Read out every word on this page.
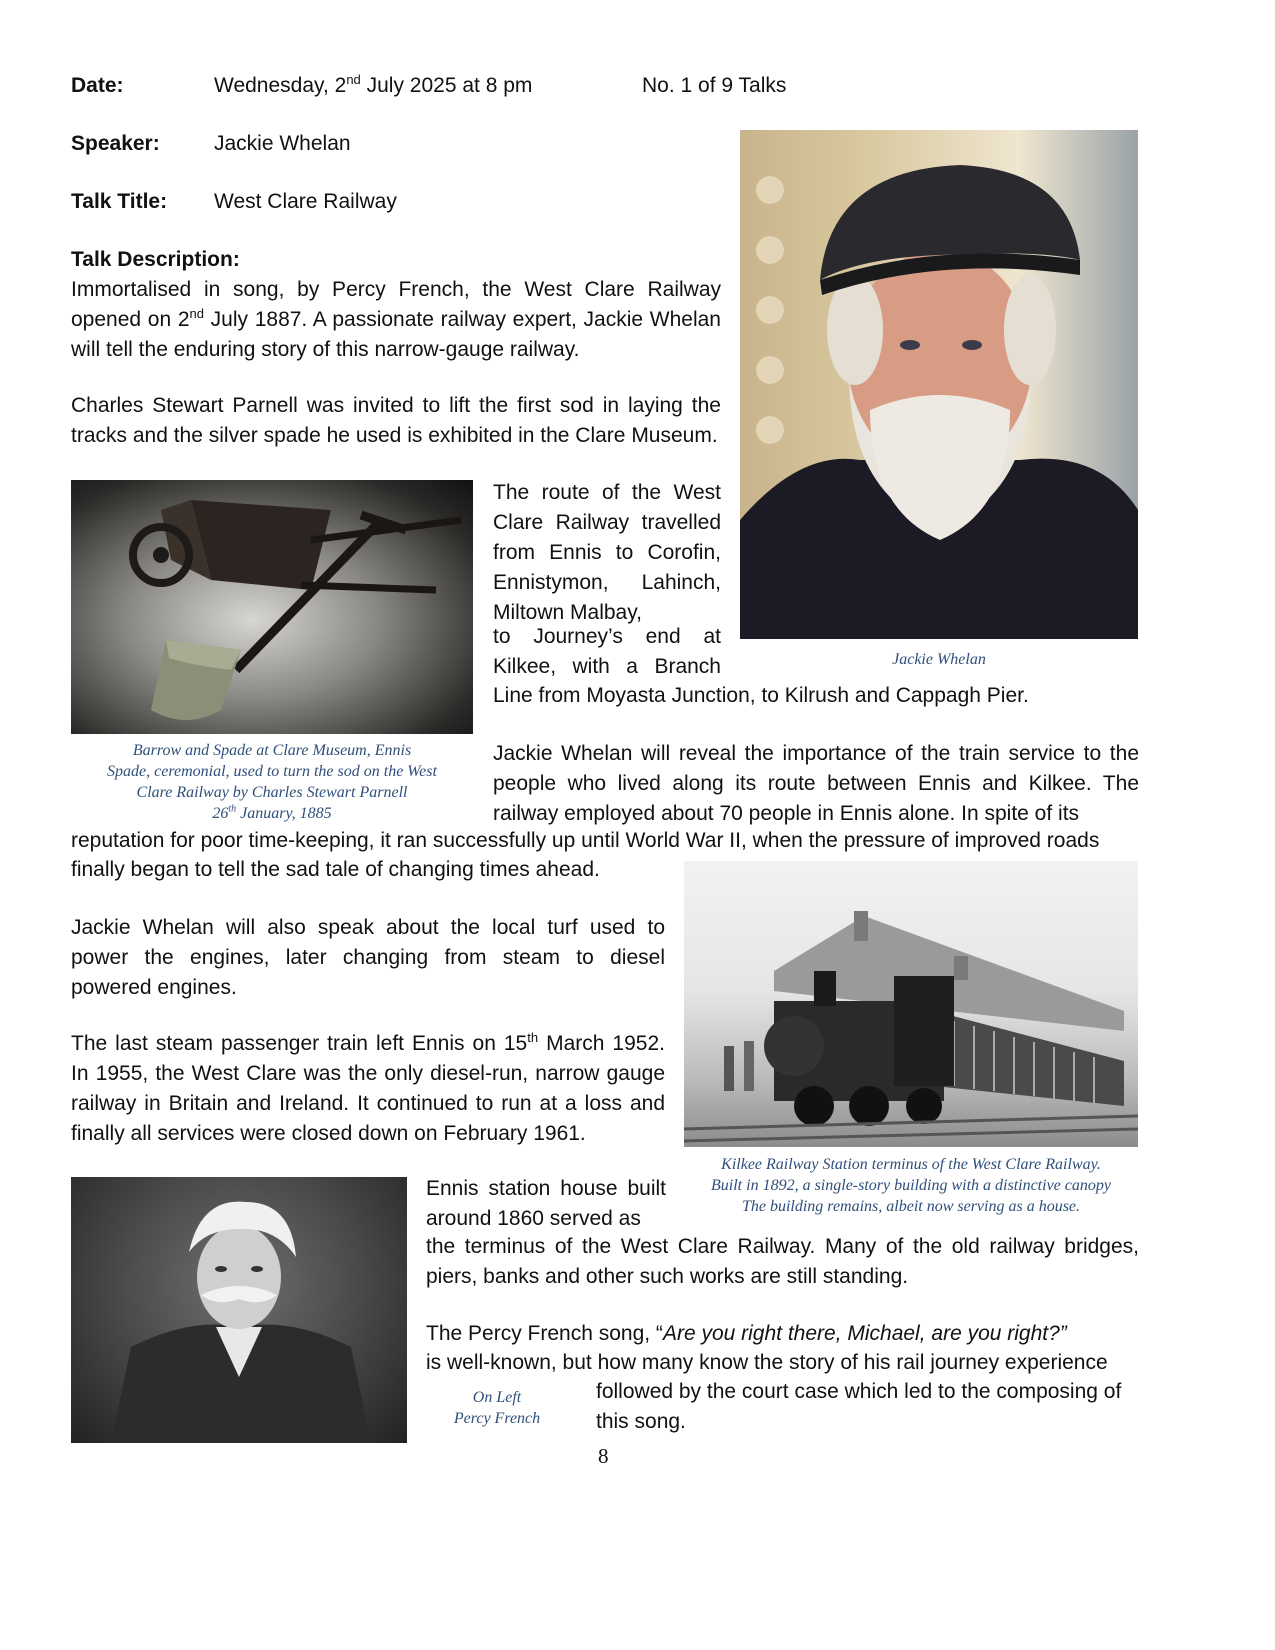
Date:	Wednesday, 2nd July 2025 at 8 pm	No. 1 of 9 Talks
Speaker:	Jackie Whelan
Talk Title: West Clare Railway
Talk Description:
Immortalised in song, by Percy French, the West Clare Railway opened on 2nd July 1887. A passionate railway expert, Jackie Whelan will tell the enduring story of this narrow-gauge railway.
Charles Stewart Parnell was invited to lift the first sod in laying the tracks and the silver spade he used is exhibited in the Clare Museum.
Jackie Whelan
Barrow and Spade at Clare Museum, Ennis
Spade, ceremonial, used to turn the sod on the West
Clare Railway by Charles Stewart Parnell
26th January, 1885
The route of the West Clare Railway travelled from Ennis to Corofin, Ennistymon, Lahinch, Miltown Malbay,
to Journey’s end at Kilkee, with a Branch
Line from Moyasta Junction, to Kilrush and Cappagh Pier.
Jackie Whelan will reveal the importance of the train service to the people who lived along its route between Ennis and Kilkee. The railway employed about 70 people in Ennis alone. In spite of its
reputation for poor time-keeping, it ran successfully up until World War II, when the pressure of improved roads
finally began to tell the sad tale of changing times ahead.
Kilkee Railway Station terminus of the West Clare Railway.
Built in 1892, a single-story building with a distinctive canopy
The building remains, albeit now serving as a house.
Jackie Whelan will also speak about the local turf used to power the engines, later changing from steam to diesel powered engines.
The last steam passenger train left Ennis on 15th March 1952. In 1955, the West Clare was the only diesel-run, narrow gauge railway in Britain and Ireland. It continued to run at a loss and finally all services were closed down on February 1961.
Ennis station house built around 1860 served as
the terminus of the West Clare Railway. Many of the old railway bridges, piers, banks and other such works are still standing.
The Percy French song, “Are you right there, Michael, are you right?”
is well-known, but how many know the story of his rail journey experience
followed by the court case which led to the composing of this song.
On Left
Percy French
8
